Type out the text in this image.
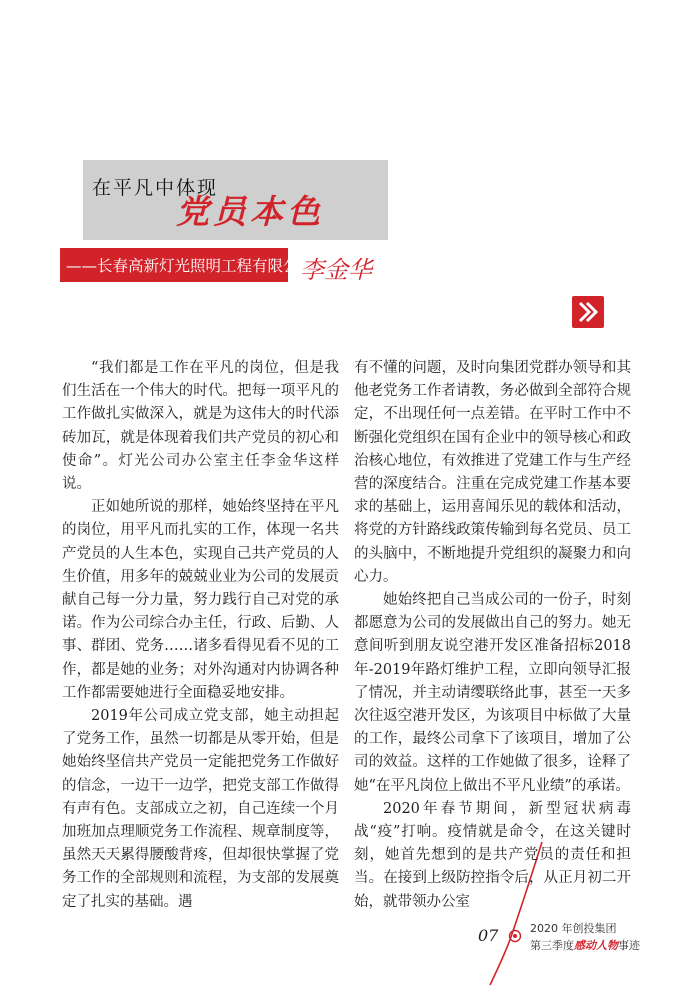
在平凡中体现
党员本色
——长春高新灯光照明工程有限公司
李金华

“我们都是工作在平凡的岗位，但是我们生活在一个伟大的时代。把每一项平凡的工作做扎实做深入，就是为这伟大的时代添砖加瓦，就是体现着我们共产党员的初心和使命”。灯光公司办公室主任李金华这样说。

正如她所说的那样，她始终坚持在平凡的岗位，用平凡而扎实的工作，体现一名共产党员的人生本色，实现自己共产党员的人生价值，用多年的兢兢业业为公司的发展贡献自己每一分力量，努力践行自己对党的承诺。作为公司综合办主任，行政、后勤、人事、群团、党务……诸多看得见看不见的工作，都是她的业务；对外沟通对内协调各种工作都需要她进行全面稳妥地安排。

2019年公司成立党支部，她主动担起了党务工作，虽然一切都是从零开始，但是她始终坚信共产党员一定能把党务工作做好的信念，一边干一边学，把党支部工作做得有声有色。支部成立之初，自己连续一个月加班加点理顺党务工作流程、规章制度等，虽然天天累得腰酸背疼，但却很快掌握了党务工作的全部规则和流程，为支部的发展奠定了扎实的基础。遇

有不懂的问题，及时向集团党群办领导和其他老党务工作者请教，务必做到全部符合规定，不出现任何一点差错。在平时工作中不断强化党组织在国有企业中的领导核心和政治核心地位，有效推进了党建工作与生产经营的深度结合。注重在完成党建工作基本要求的基础上，运用喜闻乐见的载体和活动，将党的方针路线政策传输到每名党员、员工的头脑中，不断地提升党组织的凝聚力和向心力。

她始终把自己当成公司的一份子，时刻都愿意为公司的发展做出自己的努力。她无意间听到朋友说空港开发区准备招标2018年-2019年路灯维护工程，立即向领导汇报了情况，并主动请缨联络此事，甚至一天多次往返空港开发区，为该项目中标做了大量的工作，最终公司拿下了该项目，增加了公司的效益。这样的工作她做了很多，诠释了她“在平凡岗位上做出不平凡业绩”的承诺。

2020年春节期间，新型冠状病毒战“疫”打响。疫情就是命令，在这关键时刻，她首先想到的是共产党员的责任和担当。在接到上级防控指令后，从正月初二开始，就带领办公室

07	2020 年创投集团
第三季度感动人物事迹
